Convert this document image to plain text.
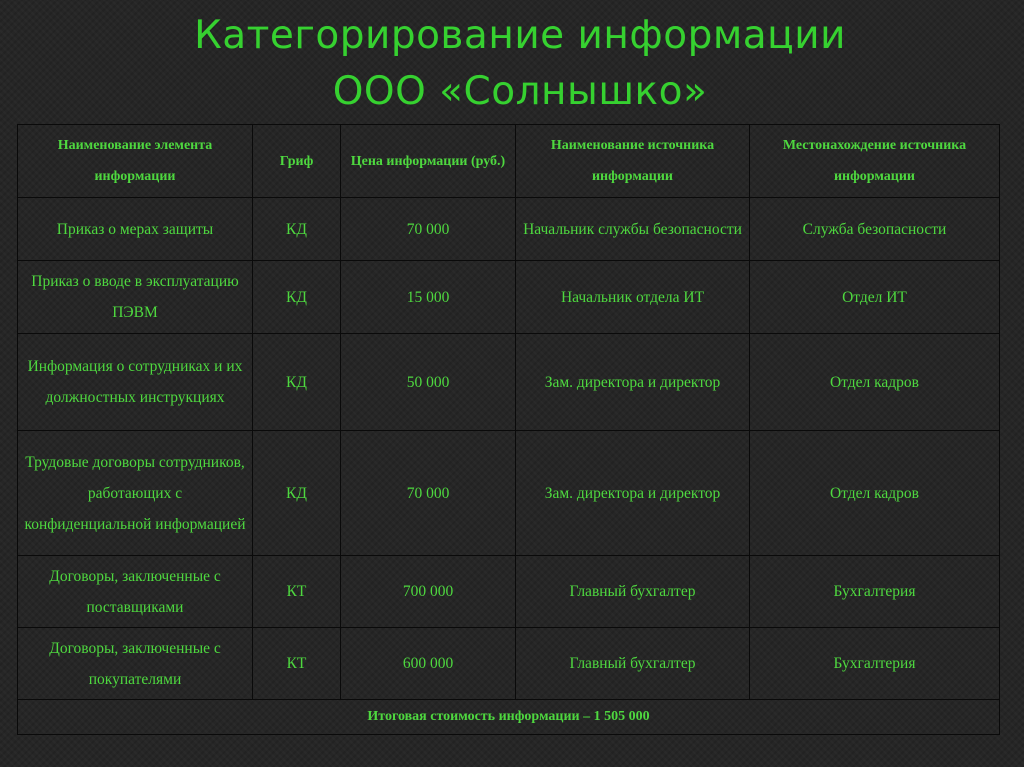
Категорирование информации
ООО «Солнышко»
Наименование элемента информации	Гриф	Цена информации (руб.)	Наименование источника информации	Местонахождение источника информации
Приказ о мерах защиты	КД	70 000	Начальник службы безопасности	Служба безопасности
Приказ о вводе в эксплуатацию ПЭВМ	КД	15 000	Начальник отдела ИТ	Отдел ИТ
Информация о сотрудниках и их должностных инструкциях	КД	50 000	Зам. директора и директор	Отдел кадров
Трудовые договоры сотрудников, работающих с конфиденциальной информацией	КД	70 000	Зам. директора и директор	Отдел кадров
Договоры, заключенные с поставщиками	КТ	700 000	Главный бухгалтер	Бухгалтерия
Договоры, заключенные с покупателями	КТ	600 000	Главный бухгалтер	Бухгалтерия
Итоговая стоимость информации – 1 505 000				
